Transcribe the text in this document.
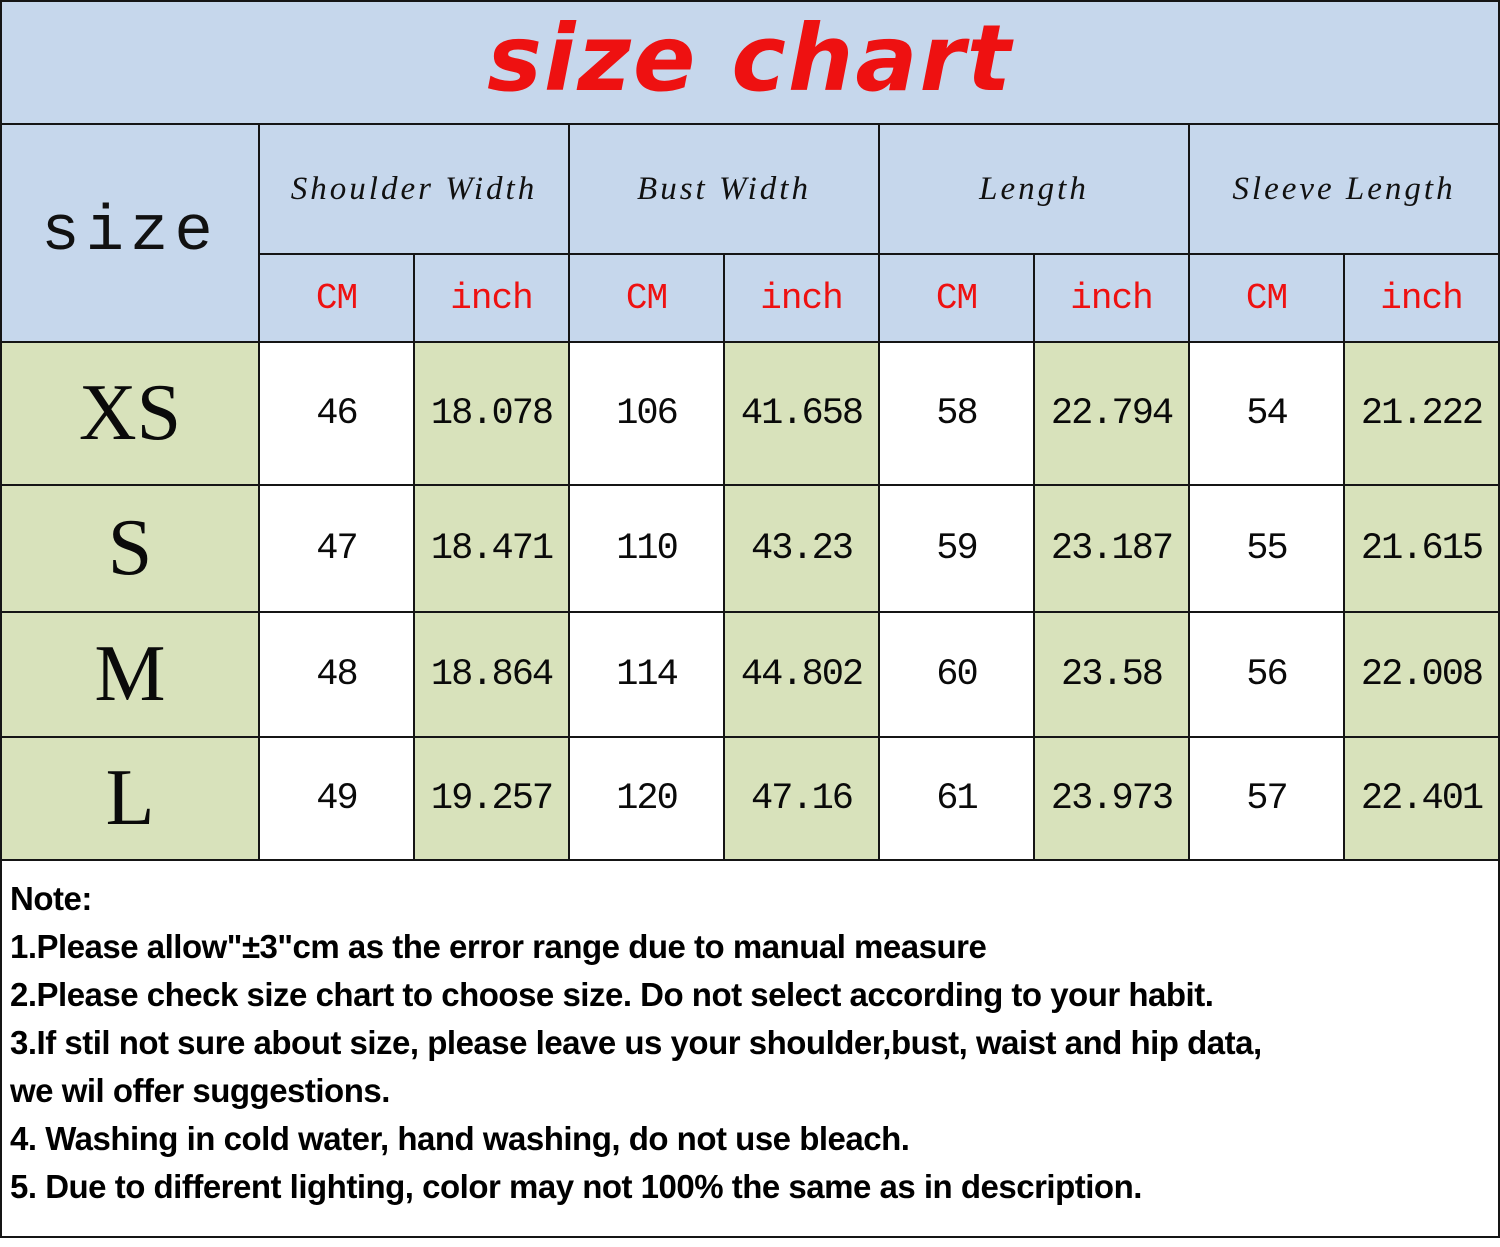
size chart
size
Shoulder Width	Bust Width	Length	Sleeve Length
CM	inch	CM	inch	CM	inch	CM	inch
XS	46	18.078	106	41.658	58	22.794	54	21.222
S	47	18.471	110	43.23	59	23.187	55	21.615
M	48	18.864	114	44.802	60	23.58	56	22.008
L	49	19.257	120	47.16	61	23.973	57	22.401
Note:
1.Please allow"±3"cm as the error range due to manual measure
2.Please check size chart to choose size. Do not select according to your habit.
3.If stil not sure about size, please leave us your shoulder,bust, waist and hip data,
we wil offer suggestions.
4. Washing in cold water, hand washing, do not use bleach.
5. Due to different lighting, color may not 100% the same as in description.
